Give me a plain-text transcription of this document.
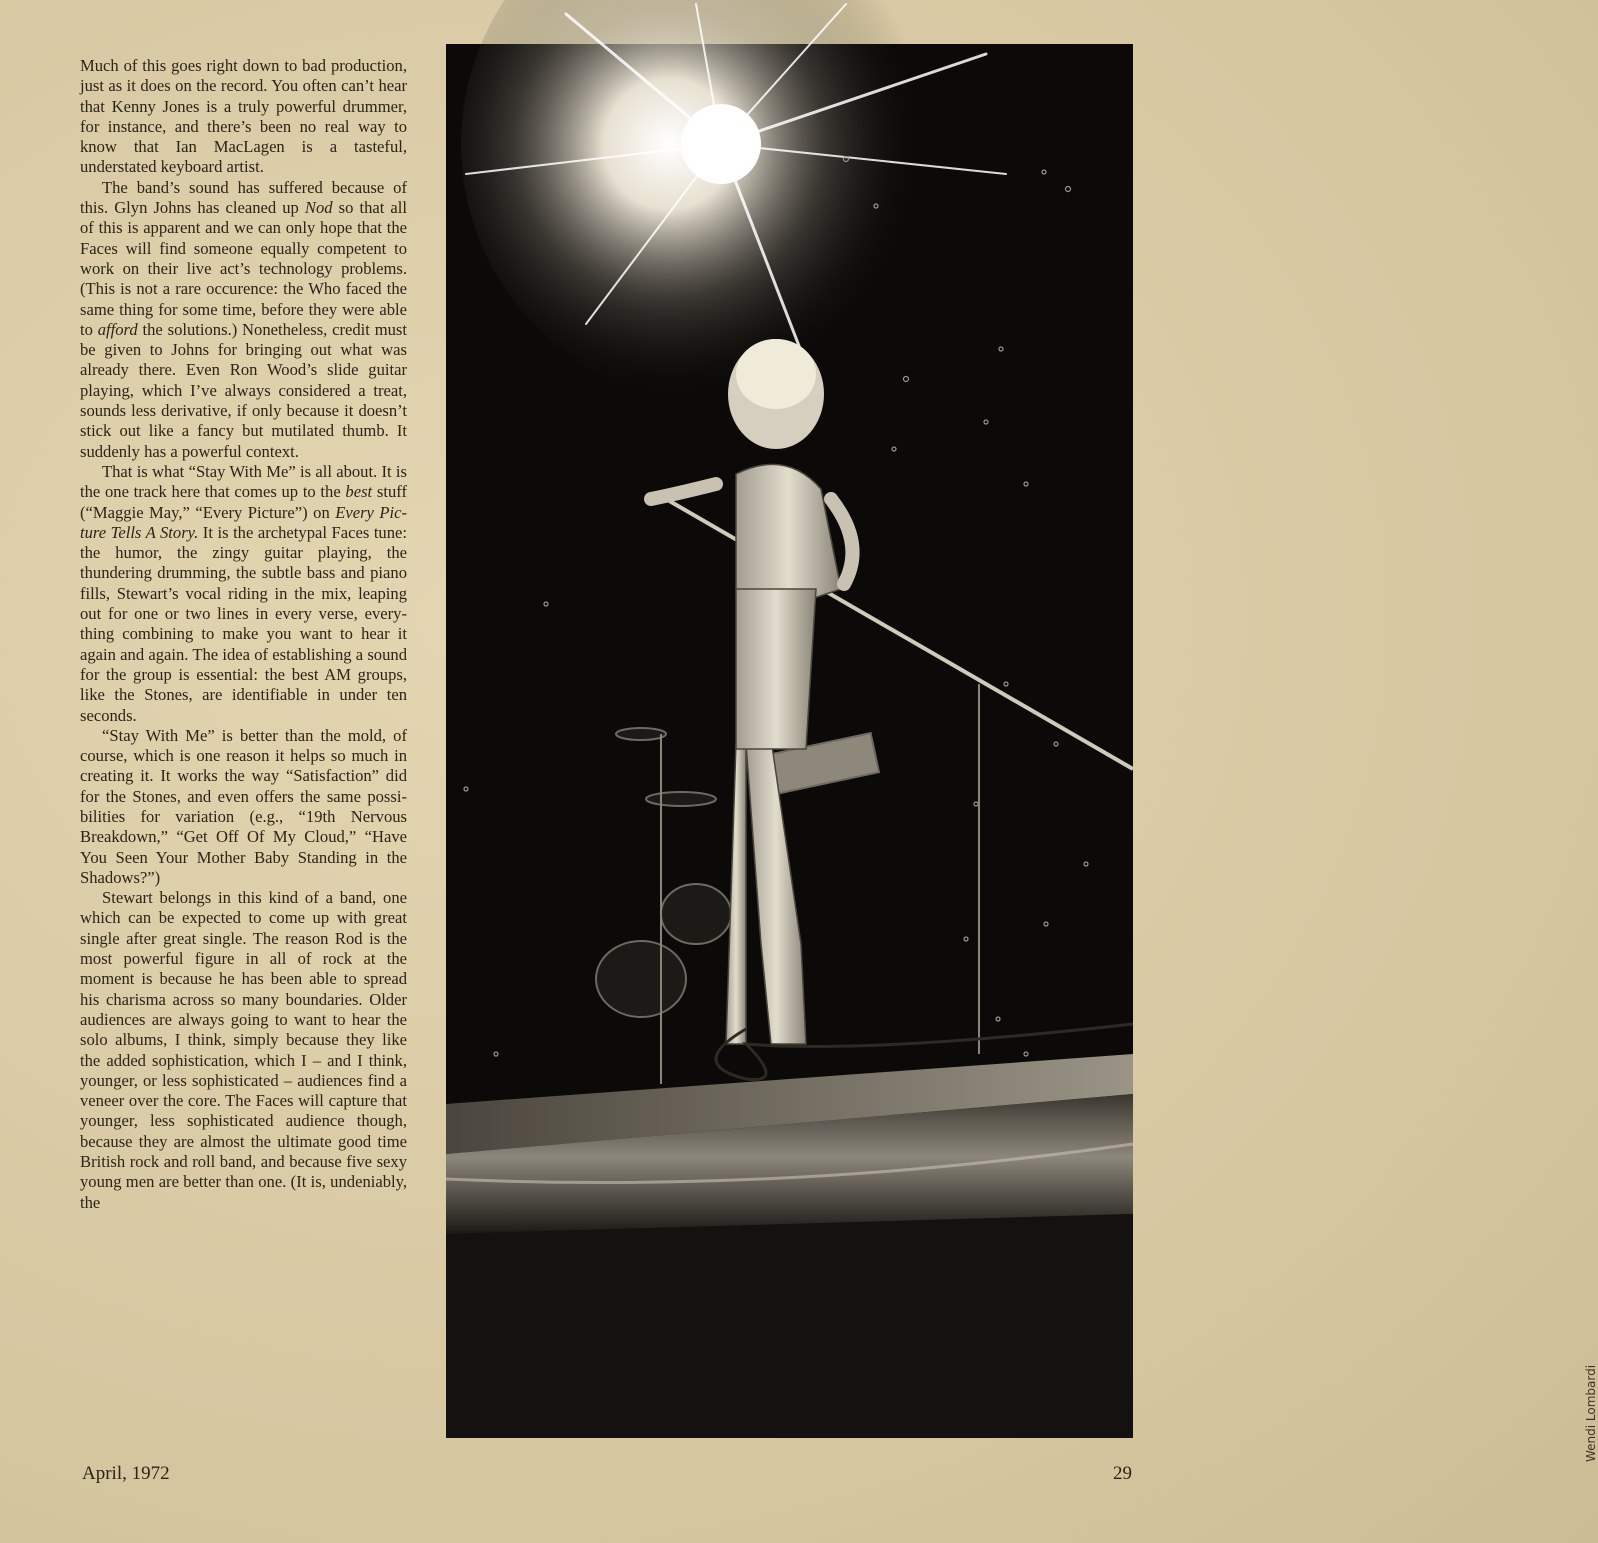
Much of this goes right down to bad production, just as it does on the record. You often can’t hear that Kenny Jones is a truly powerful drummer, for instance, and there’s been no real way to know that Ian MacLagen is a tasteful, understated keyboard artist.

The band’s sound has suffered because of this. Glyn Johns has cleaned up Nod so that all of this is apparent and we can only hope that the Faces will find someone equally competent to work on their live act’s technology problems. (This is not a rare occurence: the Who faced the same thing for some time, before they were able to afford the solutions.) Nonetheless, credit must be given to Johns for bringing out what was already there. Even Ron Wood’s slide guitar playing, which I’ve always considered a treat, sounds less derivative, if only because it doesn’t stick out like a fancy but mutilated thumb. It suddenly has a powerful context.

That is what “Stay With Me” is all about. It is the one track here that comes up to the best stuff (“Maggie May,” “Every Picture”) on Every Picture Tells A Story. It is the archetypal Faces tune: the humor, the zingy guitar playing, the thundering drumming, the subtle bass and piano fills, Stewart’s vocal riding in the mix, leaping out for one or two lines in every verse, everything combining to make you want to hear it again and again. The idea of establishing a sound for the group is essential: the best AM groups, like the Stones, are identifiable in under ten seconds.

“Stay With Me” is better than the mold, of course, which is one reason it helps so much in creating it. It works the way “Satisfaction” did for the Stones, and even offers the same possibilities for variation (e.g., “19th Nervous Breakdown,” “Get Off Of My Cloud,” “Have You Seen Your Mother Baby Standing in the Shadows?”)

Stewart belongs in this kind of a band, one which can be expected to come up with great single after great single. The reason Rod is the most powerful figure in all of rock at the moment is because he has been able to spread his charisma across so many boundaries. Older audiences are always going to want to hear the solo albums, I think, simply because they like the added sophistication, which I – and I think, younger, or less sophisticated – audiences find a veneer over the core. The Faces will capture that younger, less sophisticated audience though, because they are almost the ultimate good time British rock and roll band, and because five sexy young men are better than one. (It is, undeniably, the

Wendi Lombardi
April, 1972	29
